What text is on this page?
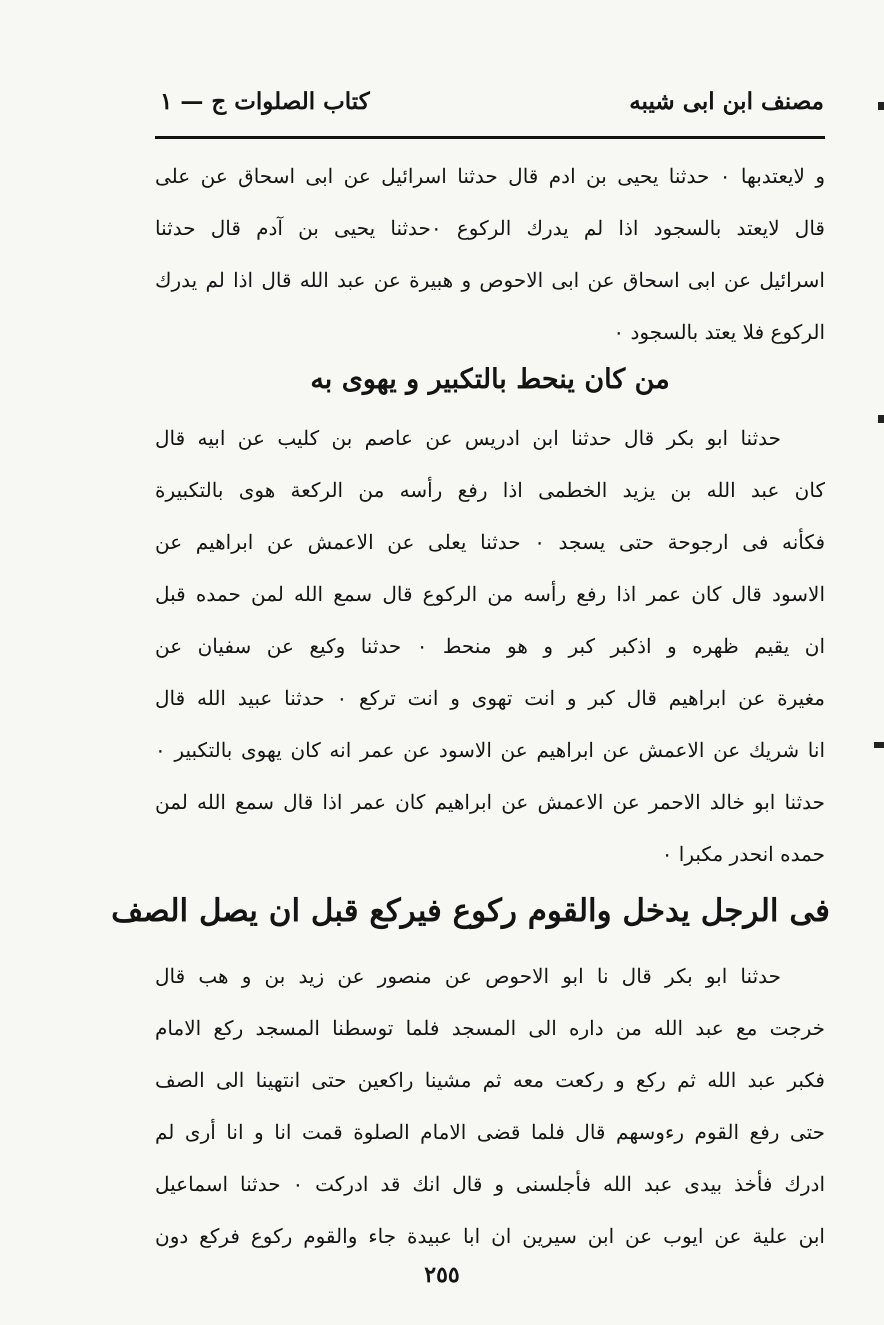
مصنف ابن ابى شيبه
كتاب الصلوات ج — ١
و لايعتدبها ۰ حدثنا يحيى بن ادم قال حدثنا اسرائيل عن ابى اسحاق عن على
قال لايعتد بالسجود اذا لم يدرك الركوع ۰حدثنا يحيى بن آدم قال حدثنا
اسرائيل عن ابى اسحاق عن ابى الاحوص و هبيرة عن عبد الله قال اذا لم يدرك
الركوع فلا يعتد بالسجود ۰
من كان ينحط بالتكبير و يهوى به
حدثنا ابو بكر قال حدثنا ابن ادريس عن عاصم بن كليب عن ابيه قال
كان عبد الله بن يزيد الخطمى اذا رفع رأسه من الركعة هوى بالتكبيرة
فكأنه فى ارجوحة حتى يسجد ۰ حدثنا يعلى عن الاعمش عن ابراهيم عن
الاسود قال كان عمر اذا رفع رأسه من الركوع قال سمع الله لمن حمده قبل
ان يقيم ظهره و اذكبر كبر و هو منحط ۰ حدثنا وكيع عن سفيان عن
مغيرة عن ابراهيم قال كبر و انت تهوى و انت تركع ۰ حدثنا عبيد الله قال
انا شريك عن الاعمش عن ابراهيم عن الاسود عن عمر انه كان يهوى بالتكبير ۰
حدثنا ابو خالد الاحمر عن الاعمش عن ابراهيم كان عمر اذا قال سمع الله لمن
حمده انحدر مكبرا ۰
فى الرجل يدخل والقوم ركوع فيركع قبل ان يصل الصف
حدثنا ابو بكر قال نا ابو الاحوص عن منصور عن زيد بن و هب قال
خرجت مع عبد الله من داره الى المسجد فلما توسطنا المسجد ركع الامام
فكبر عبد الله ثم ركع و ركعت معه ثم مشينا راكعين حتى انتهينا الى الصف
حتى رفع القوم رءوسهم قال فلما قضى الامام الصلوة قمت انا و انا أرى لم
ادرك فأخذ بيدى عبد الله فأجلسنى و قال انك قد ادركت ۰ حدثنا اسماعيل
ابن علية عن ايوب عن ابن سيرين ان ابا عبيدة جاء والقوم ركوع فركع دون
٢٥٥
